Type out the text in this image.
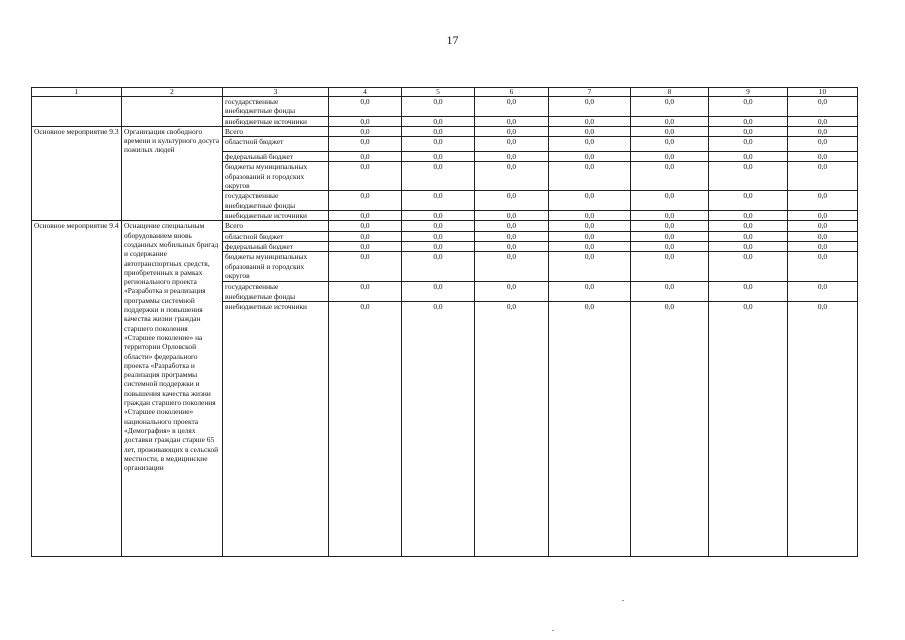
17
1	2	3	4	5	6	7	8	9	10
		государственные внебюджетные фонды	0,0	0,0	0,0	0,0	0,0	0,0	0,0
		внебюджетные источники	0,0	0,0	0,0	0,0	0,0	0,0	0,0
Основное мероприятие 9.3	Организация свободного времени и культурного досуга пожилых людей	Всего	0,0	0,0	0,0	0,0	0,0	0,0	0,0
		областной бюджет	0,0	0,0	0,0	0,0	0,0	0,0	0,0
		федеральный бюджет	0,0	0,0	0,0	0,0	0,0	0,0	0,0
		бюджеты муниципальных образований и городских округов	0,0	0,0	0,0	0,0	0,0	0,0	0,0
		государственные внебюджетные фонды	0,0	0,0	0,0	0,0	0,0	0,0	0,0
		внебюджетные источники	0,0	0,0	0,0	0,0	0,0	0,0	0,0
Основное мероприятие 9.4	Оснащение специальным оборудованием вновь созданных мобильных бригад и содержание автотранспортных средств, приобретенных в рамках регионального проекта «Разработка и реализация программы системной поддержки и повышения качества жизни граждан старшего поколения «Старшее поколение» на территории Орловской области» федерального проекта «Разработка и реализация программы системной поддержки и повышения качества жизни граждан старшего поколения «Старшее поколение» национального проекта «Демография» в целях доставки граждан старше 65 лет, проживающих в сельской местности, в медицинские организации	Всего	0,0	0,0	0,0	0,0	0,0	0,0	0,0
		областной бюджет	0,0	0,0	0,0	0,0	0,0	0,0	0,0
		федеральный бюджет	0,0	0,0	0,0	0,0	0,0	0,0	0,0
		бюджеты муниципальных образований и городских округов	0,0	0,0	0,0	0,0	0,0	0,0	0,0
		государственные внебюджетные фонды	0,0	0,0	0,0	0,0	0,0	0,0	0,0
		внебюджетные источники	0,0	0,0	0,0	0,0	0,0	0,0	0,0
